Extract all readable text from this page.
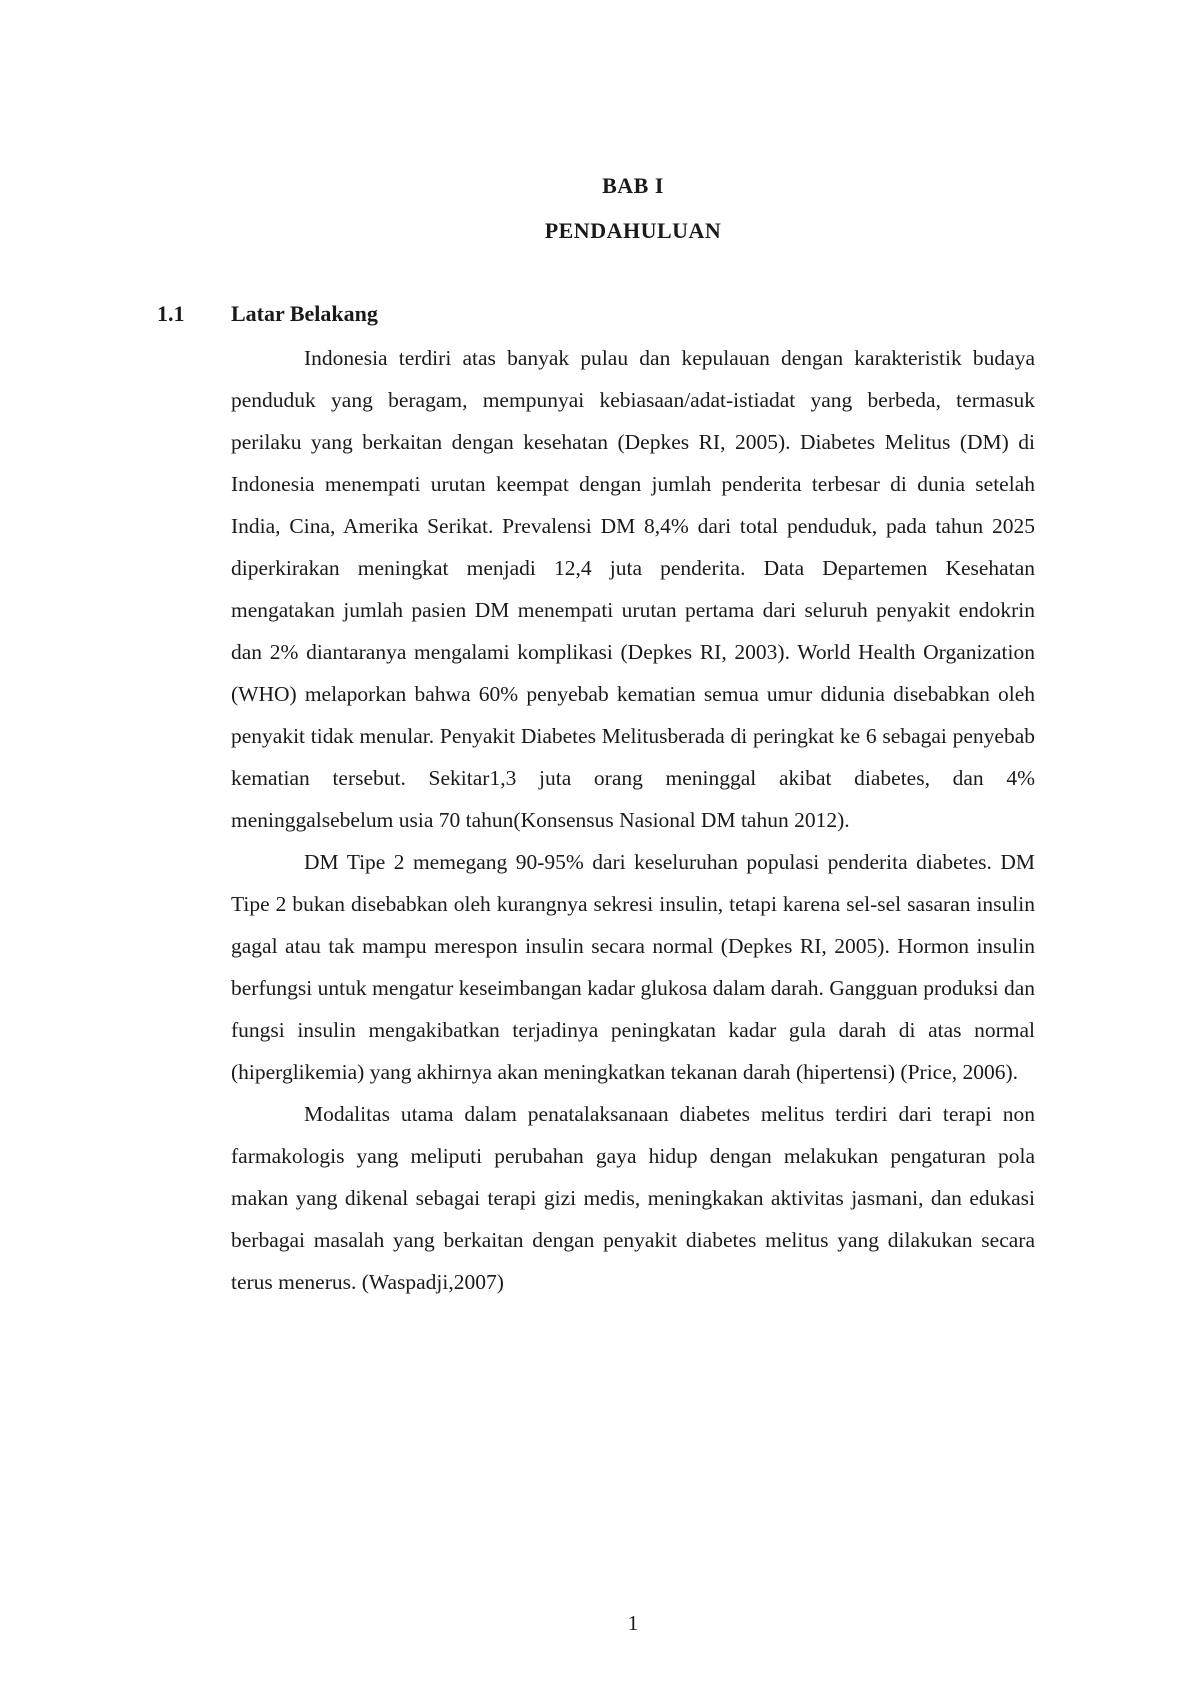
BAB I
PENDAHULUAN
1.1 Latar Belakang

Indonesia terdiri atas banyak pulau dan kepulauan dengan karakteristik budaya penduduk yang beragam, mempunyai kebiasaan/adat-istiadat yang berbeda, termasuk perilaku yang berkaitan dengan kesehatan (Depkes RI, 2005). Diabetes Melitus (DM) di Indonesia menempati urutan keempat dengan jumlah penderita terbesar di dunia setelah India, Cina, Amerika Serikat. Prevalensi DM 8,4% dari total penduduk, pada tahun 2025 diperkirakan meningkat menjadi 12,4 juta penderita. Data Departemen Kesehatan mengatakan jumlah pasien DM menempati urutan pertama dari seluruh penyakit endokrin dan 2% diantaranya mengalami komplikasi (Depkes RI, 2003). World Health Organization (WHO) melaporkan bahwa 60% penyebab kematian semua umur didunia disebabkan oleh penyakit tidak menular. Penyakit Diabetes Melitusberada di peringkat ke 6 sebagai penyebab kematian tersebut. Sekitar1,3 juta orang meninggal akibat diabetes, dan 4% meninggalsebelum usia 70 tahun(Konsensus Nasional DM tahun 2012).

DM Tipe 2 memegang 90-95% dari keseluruhan populasi penderita diabetes. DM Tipe 2 bukan disebabkan oleh kurangnya sekresi insulin, tetapi karena sel-sel sasaran insulin gagal atau tak mampu merespon insulin secara normal (Depkes RI, 2005). Hormon insulin berfungsi untuk mengatur keseimbangan kadar glukosa dalam darah. Gangguan produksi dan fungsi insulin mengakibatkan terjadinya peningkatan kadar gula darah di atas normal (hiperglikemia) yang akhirnya akan meningkatkan tekanan darah (hipertensi) (Price, 2006).

Modalitas utama dalam penatalaksanaan diabetes melitus terdiri dari terapi non farmakologis yang meliputi perubahan gaya hidup dengan melakukan pengaturan pola makan yang dikenal sebagai terapi gizi medis, meningkakan aktivitas jasmani, dan edukasi berbagai masalah yang berkaitan dengan penyakit diabetes melitus yang dilakukan secara terus menerus. (Waspadji,2007)

1
